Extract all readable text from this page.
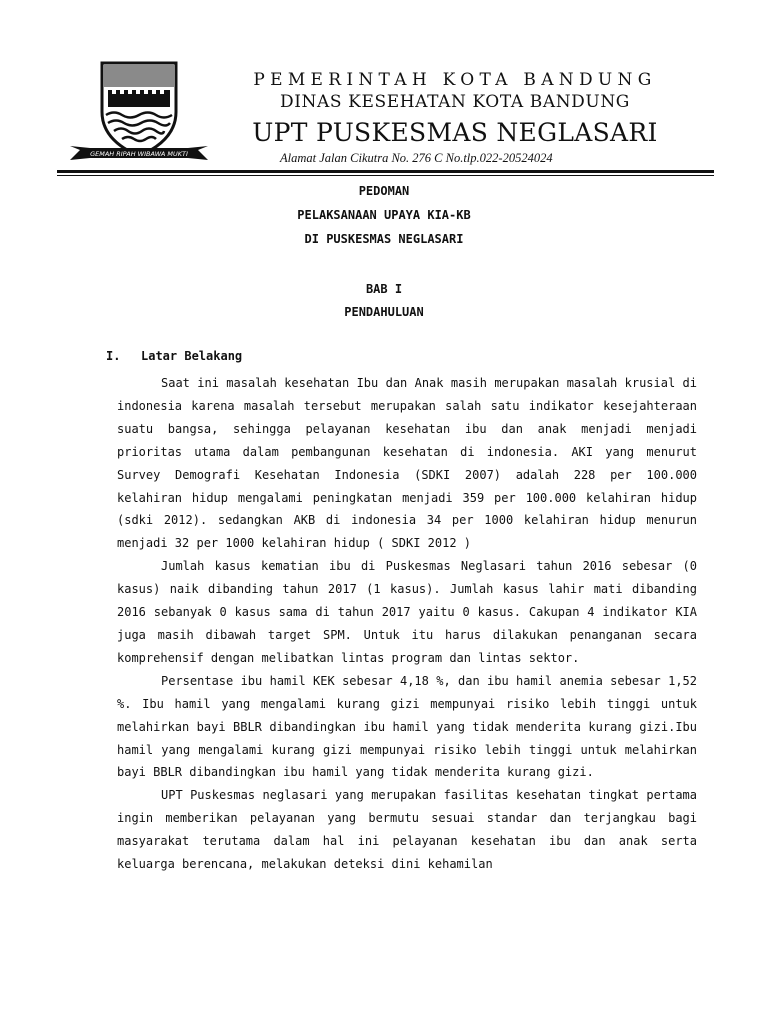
GEMAH RIPAH WIBAWA MUKTI
PEMERINTAH KOTA BANDUNG
DINAS KESEHATAN KOTA BANDUNG
UPT PUSKESMAS NEGLASARI
Alamat Jalan Cikutra No. 276 C No.tlp.022-20524024
PEDOMAN
PELAKSANAAN UPAYA KIA-KB
DI PUSKESMAS NEGLASARI
BAB I
PENDAHULUAN
I. Latar Belakang

Saat ini masalah kesehatan Ibu dan Anak masih merupakan masalah krusial di indonesia karena masalah tersebut merupakan salah satu indikator kesejahteraan suatu bangsa, sehingga pelayanan kesehatan ibu dan anak menjadi menjadi prioritas utama dalam pembangunan kesehatan di indonesia. AKI yang menurut Survey Demografi Kesehatan Indonesia (SDKI 2007) adalah 228 per 100.000 kelahiran hidup mengalami peningkatan menjadi 359 per 100.000 kelahiran hidup (sdki 2012). sedangkan AKB di indonesia 34 per 1000 kelahiran hidup menurun menjadi 32 per 1000 kelahiran hidup ( SDKI 2012 )

Jumlah kasus kematian ibu di Puskesmas Neglasari tahun 2016 sebesar (0 kasus) naik dibanding tahun 2017 (1 kasus). Jumlah kasus lahir mati dibanding 2016 sebanyak 0 kasus sama di tahun 2017 yaitu 0 kasus. Cakupan 4 indikator KIA juga masih dibawah target SPM. Untuk itu harus dilakukan penanganan secara komprehensif dengan melibatkan lintas program dan lintas sektor.

Persentase ibu hamil KEK sebesar 4,18 %, dan ibu hamil anemia sebesar 1,52 %. Ibu hamil yang mengalami kurang gizi mempunyai risiko lebih tinggi untuk melahirkan bayi BBLR dibandingkan ibu hamil yang tidak menderita kurang gizi.Ibu hamil yang mengalami kurang gizi mempunyai risiko lebih tinggi untuk melahirkan bayi BBLR dibandingkan ibu hamil yang tidak menderita kurang gizi.

UPT Puskesmas neglasari yang merupakan fasilitas kesehatan tingkat pertama ingin memberikan pelayanan yang bermutu sesuai standar dan terjangkau bagi masyarakat terutama dalam hal ini pelayanan kesehatan ibu dan anak serta keluarga berencana, melakukan deteksi dini kehamilan
